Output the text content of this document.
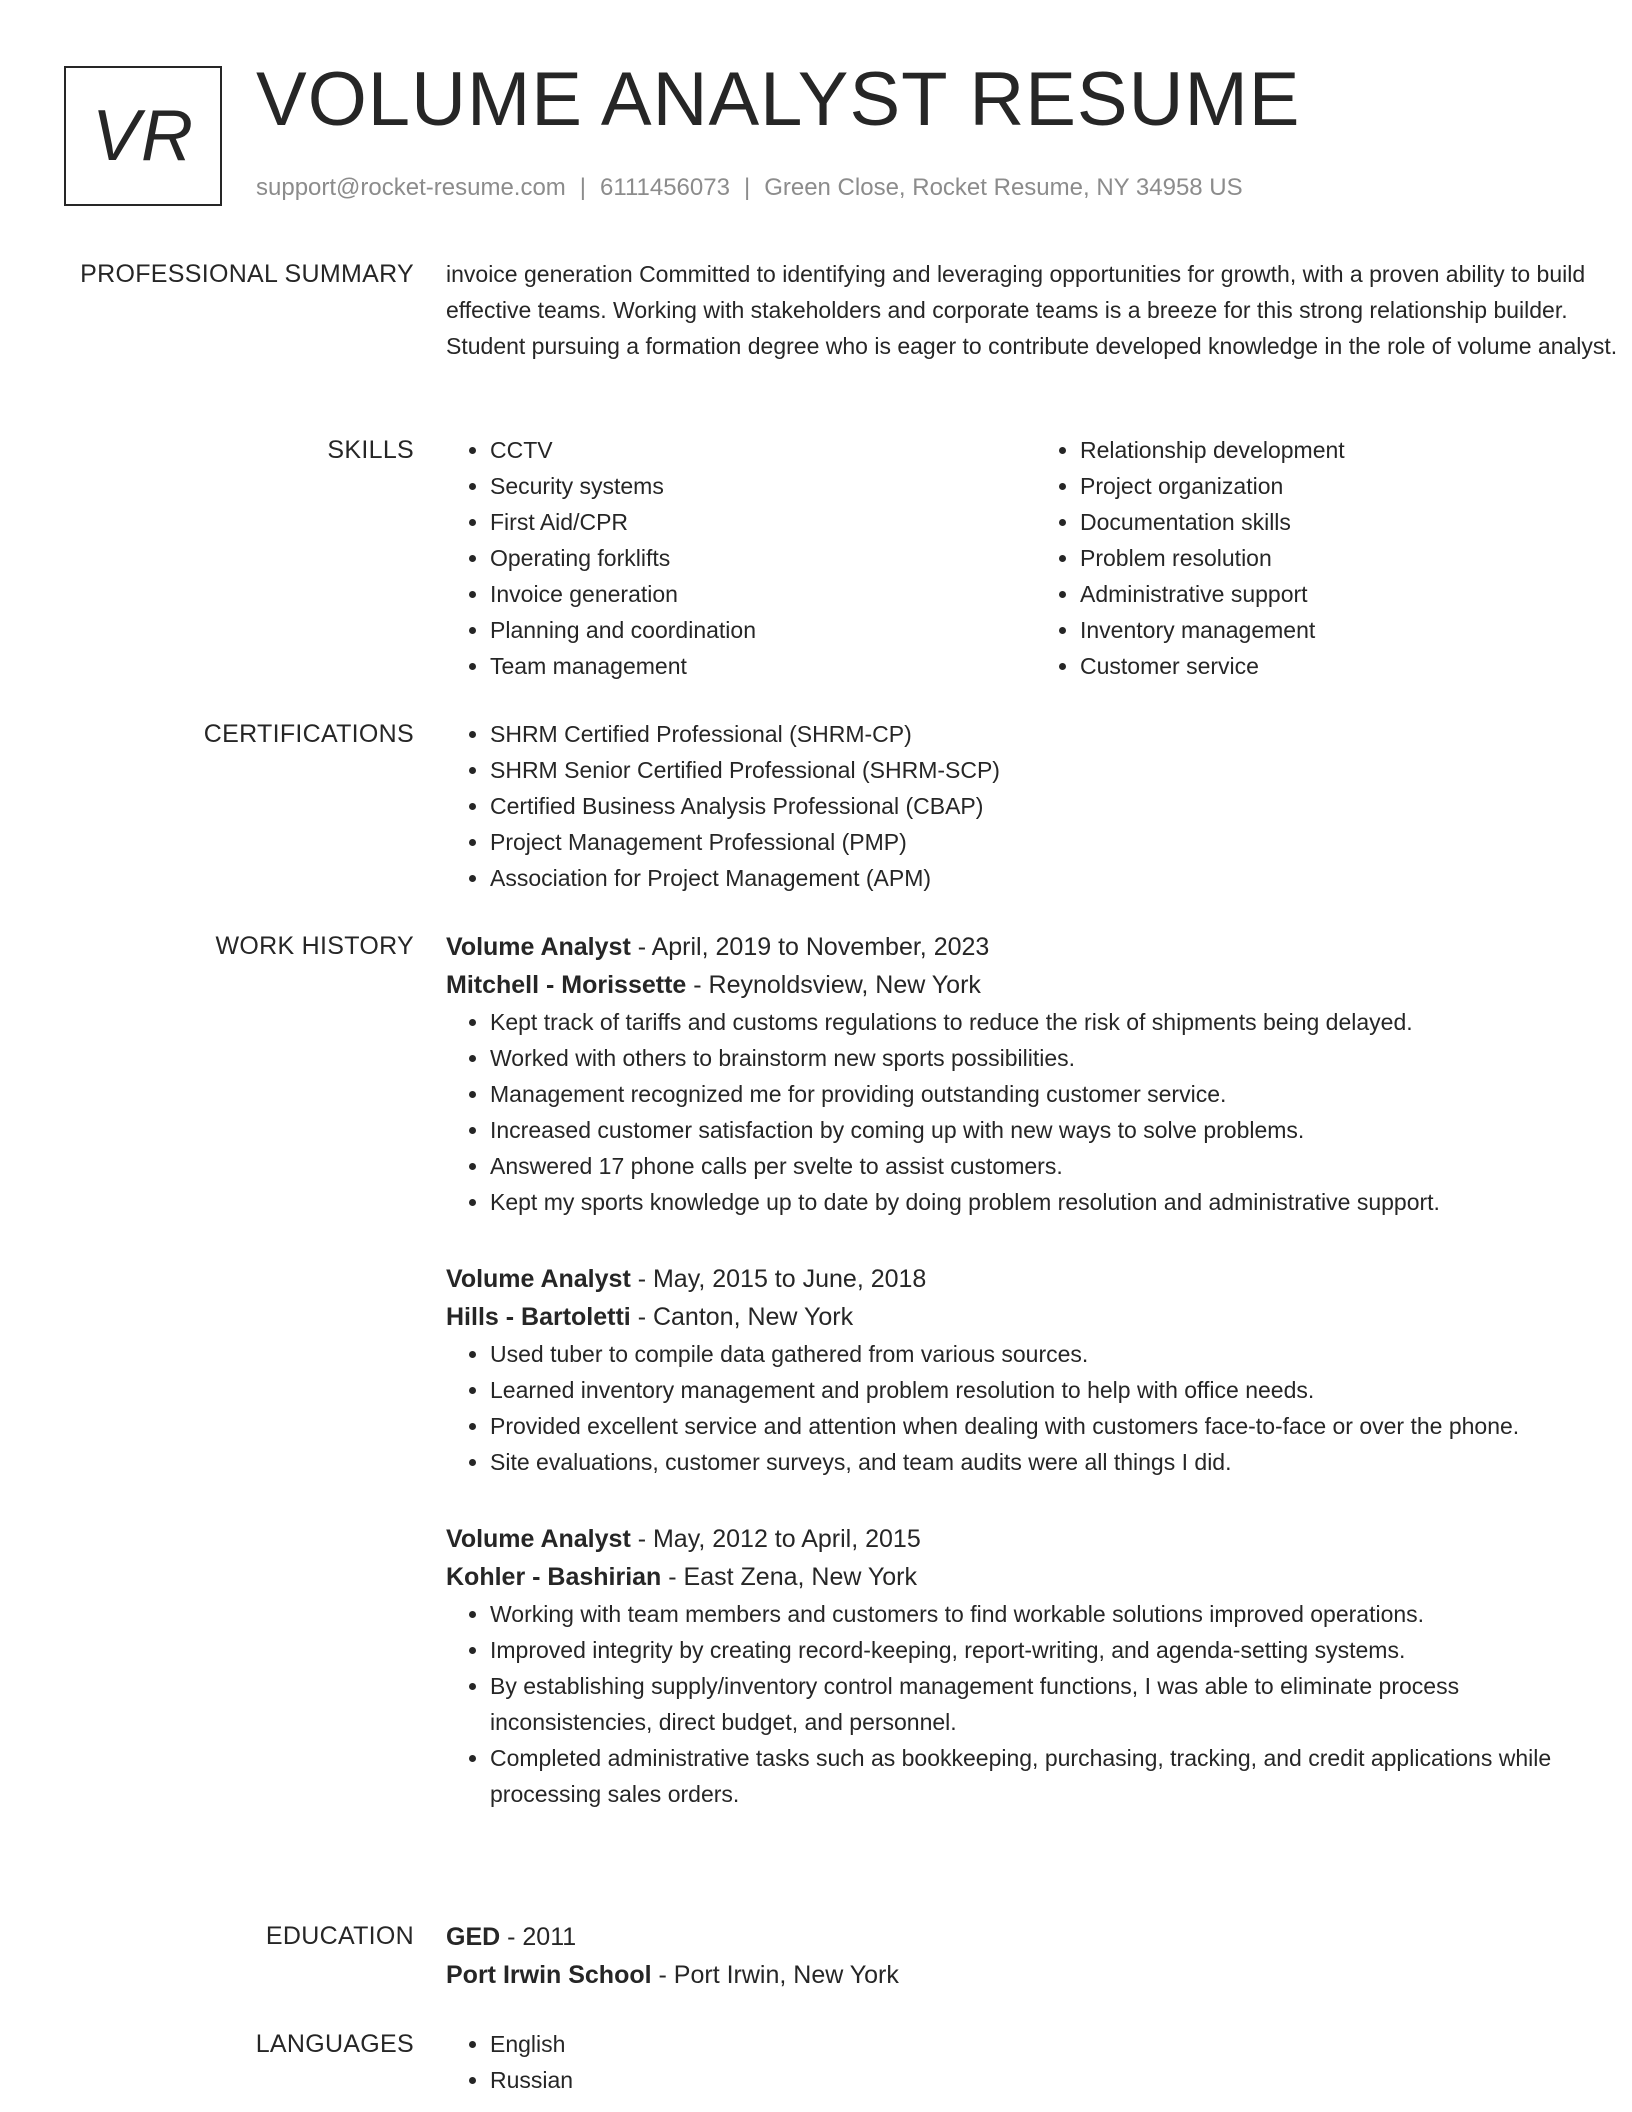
VR VOLUME ANALYST RESUME
support@rocket-resume.com | 6111456073 | Green Close, Rocket Resume, NY 34958 US
PROFESSIONAL SUMMARY invoice generation Committed to identifying and leveraging opportunities for growth, with a proven ability to build effective teams. Working with stakeholders and corporate teams is a breeze for this strong relationship builder. Student pursuing a formation degree who is eager to contribute developed knowledge in the role of volume analyst.
SKILLS	• CCTV
• Security systems
• First Aid/CPR
• Operating forklifts
• Invoice generation
• Planning and coordination
• Team management
• Relationship development
• Project organization
• Documentation skills
• Problem resolution
• Administrative support
• Inventory management
• Customer service
CERTIFICATIONS	• SHRM Certified Professional (SHRM-CP)
• SHRM Senior Certified Professional (SHRM-SCP)
• Certified Business Analysis Professional (CBAP)
• Project Management Professional (PMP)
• Association for Project Management (APM)
WORK HISTORY Volume Analyst - April, 2019 to November, 2023
Mitchell - Morissette - Reynoldsview, New York
• Kept track of tariffs and customs regulations to reduce the risk of shipments being delayed.
• Worked with others to brainstorm new sports possibilities.
• Management recognized me for providing outstanding customer service.
• Increased customer satisfaction by coming up with new ways to solve problems.
• Answered 17 phone calls per svelte to assist customers.
• Kept my sports knowledge up to date by doing problem resolution and administrative support.
Volume Analyst - May, 2015 to June, 2018
Hills - Bartoletti - Canton, New York
• Used tuber to compile data gathered from various sources.
• Learned inventory management and problem resolution to help with office needs.
• Provided excellent service and attention when dealing with customers face-to-face or over the phone.
• Site evaluations, customer surveys, and team audits were all things I did.
Volume Analyst - May, 2012 to April, 2015
Kohler - Bashirian - East Zena, New York
• Working with team members and customers to find workable solutions improved operations.
• Improved integrity by creating record-keeping, report-writing, and agenda-setting systems.
• By establishing supply/inventory control management functions, I was able to eliminate process inconsistencies, direct budget, and personnel.
• Completed administrative tasks such as bookkeeping, purchasing, tracking, and credit applications while processing sales orders.
EDUCATION GED - 2011
Port Irwin School - Port Irwin, New York
LANGUAGES	• English
• Russian
